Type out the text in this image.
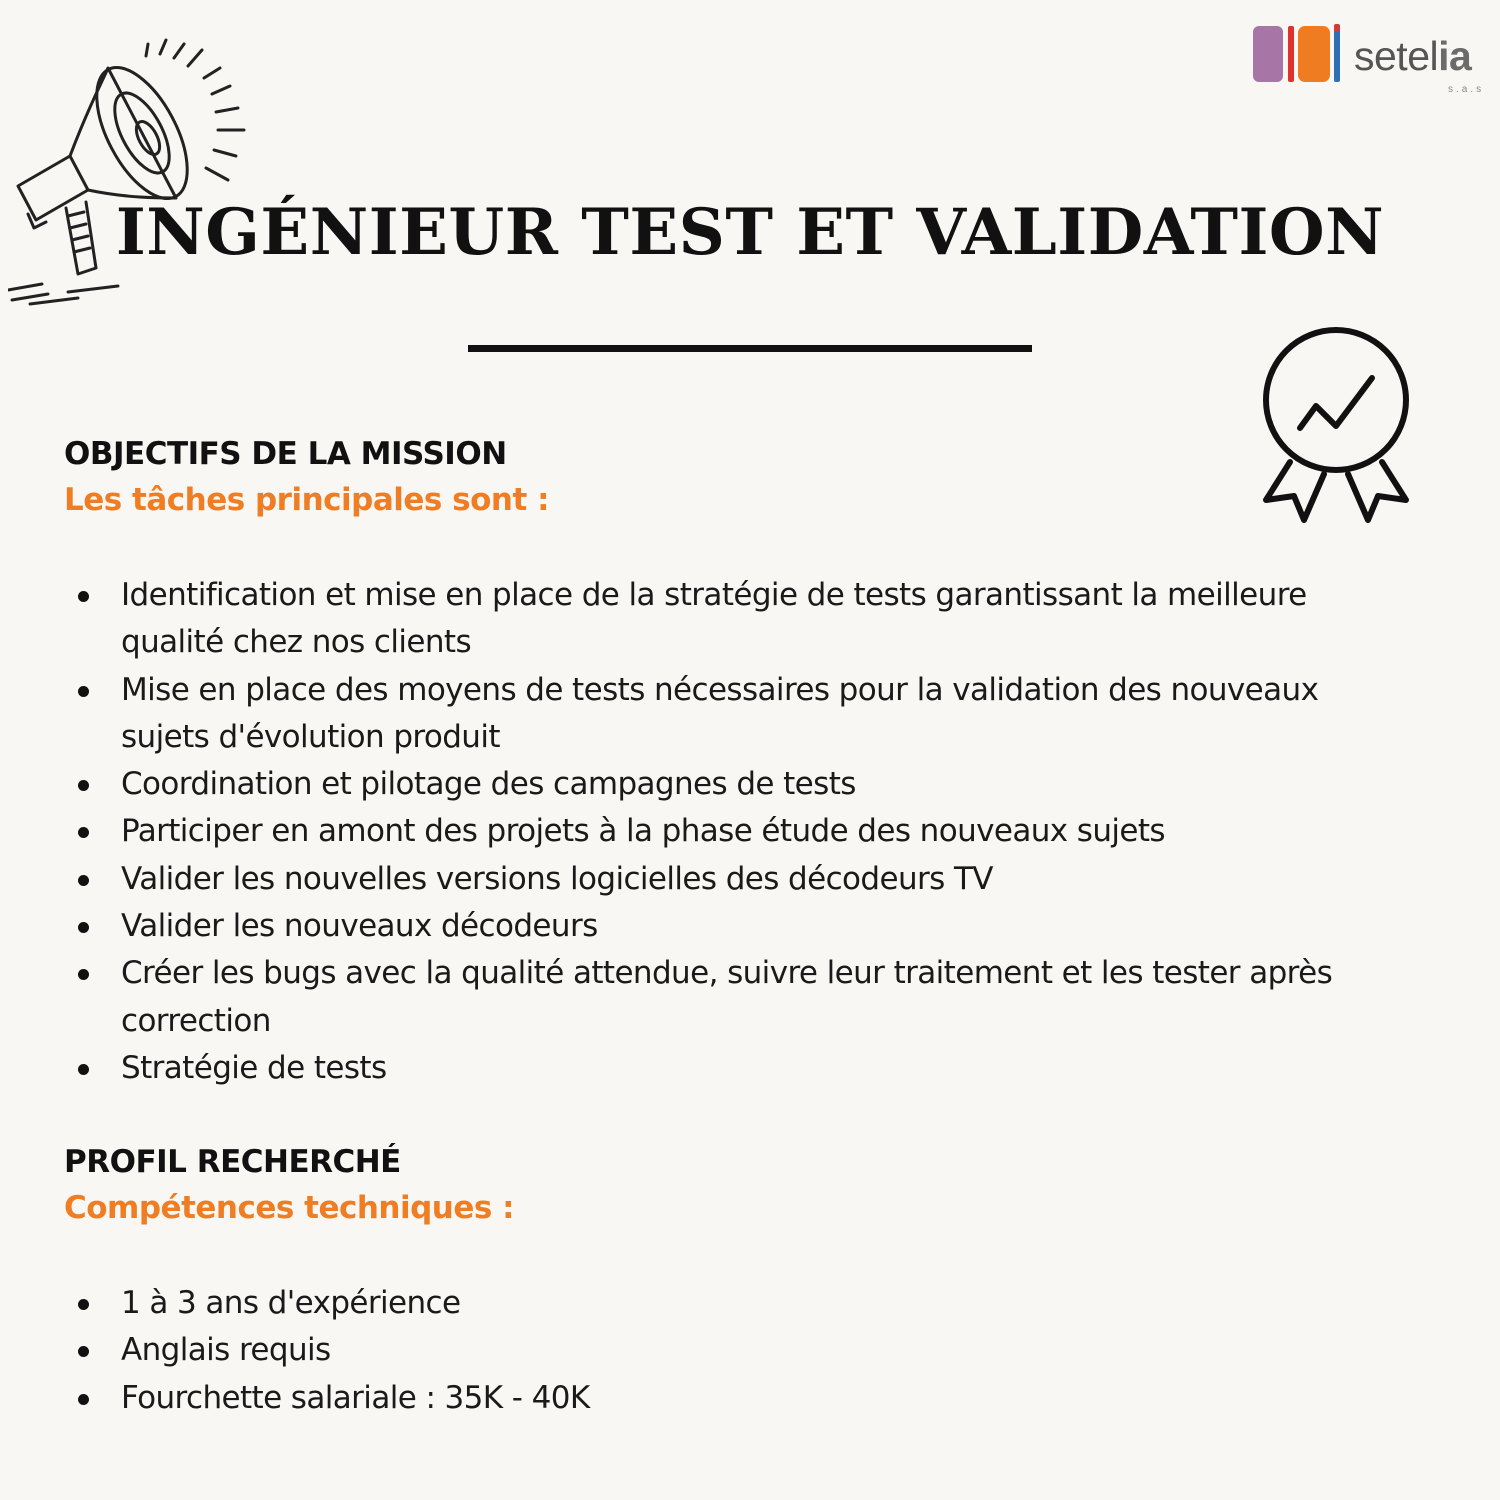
setelia
s.a.s
INGÉNIEUR TEST ET VALIDATION

OBJECTIFS DE LA MISSION

Les tâches principales sont :

Identification et mise en place de la stratégie de tests garantissant la meilleure qualité chez nos clients
Mise en place des moyens de tests nécessaires pour la validation des nouveaux sujets d'évolution produit
Coordination et pilotage des campagnes de tests
Participer en amont des projets à la phase étude des nouveaux sujets
Valider les nouvelles versions logicielles des décodeurs TV
Valider les nouveaux décodeurs
Créer les bugs avec la qualité attendue, suivre leur traitement et les tester après correction
Stratégie de tests

PROFIL RECHERCHÉ

Compétences techniques :

1 à 3 ans d'expérience
Anglais requis
Fourchette salariale : 35K - 40K
